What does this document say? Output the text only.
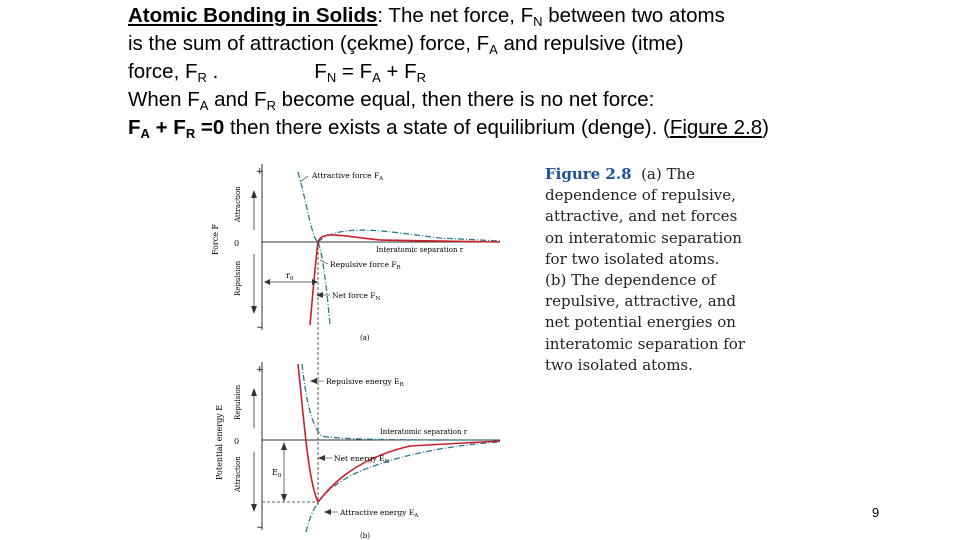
Atomic Bonding in Solids: The net force, $F_N$ between two atoms

is the sum of attraction (çekme) force, $F_A$ and repulsive (itme)

force, $F_R$ .	$F_N = F_A + F_R$

When $F_A$ and $F_R$ become equal, then there is no net force:

$F_A + F_R =0$ then there exists a state of equilibrium (denge). (Figure 2.8)

Force F
Attraction
Repulsion
+
0
−
Attractive force $F_A$
Interatomic separation r
Repulsive force $F_R$
$r_0$
Net force $F_N$
(a)
Potential energy E
Repulsion
Attraction
+
0
−
$E_0$
Repulsive energy $E_R$
Interatomic separation r
Net energy $E_N$
Attractive energy $E_A$
(b)
Figure 2.8 (a) The
dependence of repulsive,
attractive, and net forces
on interatomic separation
for two isolated atoms.
(b) The dependence of
repulsive, attractive, and
net potential energies on
interatomic separation for
two isolated atoms.
9
